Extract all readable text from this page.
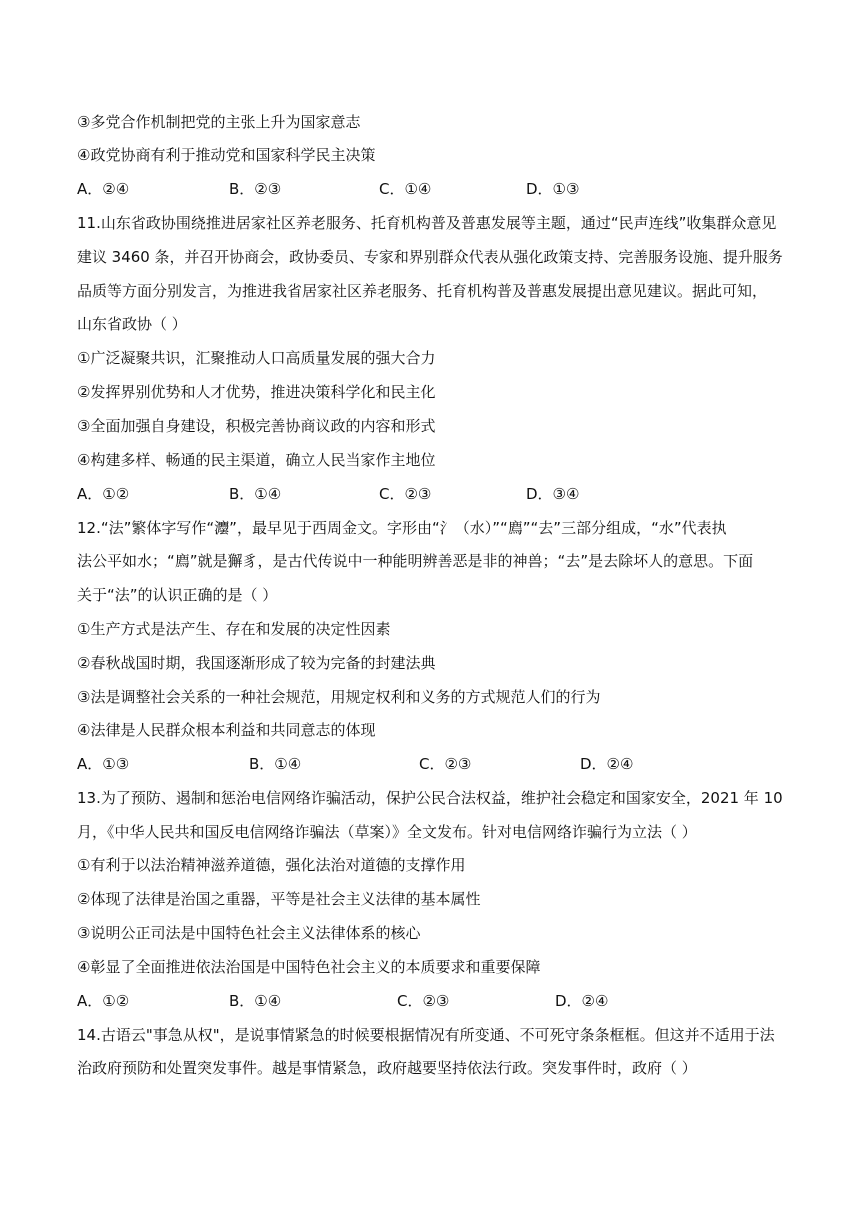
③多党合作机制把党的主张上升为国家意志
④政党协商有利于推动党和国家科学民主决策
A．②④	B．②③	C．①④	D．①③
11.山东省政协围绕推进居家社区养老服务、托育机构普及普惠发展等主题，通过“民声连线”收集群众意见
建议 3460 条，并召开协商会，政协委员、专家和界别群众代表从强化政策支持、完善服务设施、提升服务
品质等方面分别发言，为推进我省居家社区养老服务、托育机构普及普惠发展提出意见建议。据此可知，
山东省政协（ ）
①广泛凝聚共识，汇聚推动人口高质量发展的强大合力
②发挥界别优势和人才优势，推进决策科学化和民主化
③全面加强自身建设，积极完善协商议政的内容和形式
④构建多样、畅通的民主渠道，确立人民当家作主地位
A．①②	B．①④	C．②③	D．③④
12.“法”繁体字写作“灋”，最早见于西周金文。字形由“氵（水）”“廌”“去”三部分组成，“水”代表执
法公平如水；“廌”就是獬豸，是古代传说中一种能明辨善恶是非的神兽；“去”是去除坏人的意思。下面
关于“法”的认识正确的是（ ）
①生产方式是法产生、存在和发展的决定性因素
②春秋战国时期，我国逐渐形成了较为完备的封建法典
③法是调整社会关系的一种社会规范，用规定权利和义务的方式规范人们的行为
④法律是人民群众根本利益和共同意志的体现
A．①③	B．①④	C．②③	D．②④
13.为了预防、遏制和惩治电信网络诈骗活动，保护公民合法权益，维护社会稳定和国家安全，2021 年 10
月，《中华人民共和国反电信网络诈骗法（草案）》全文发布。针对电信网络诈骗行为立法（ ）
①有利于以法治精神滋养道德，强化法治对道德的支撑作用
②体现了法律是治国之重器，平等是社会主义法律的基本属性
③说明公正司法是中国特色社会主义法律体系的核心
④彰显了全面推进依法治国是中国特色社会主义的本质要求和重要保障
A．①②	B．①④	C．②③	D．②④
14.古语云"事急从权"，是说事情紧急的时候要根据情况有所变通、不可死守条条框框。但这并不适用于法
治政府预防和处置突发事件。越是事情紧急，政府越要坚持依法行政。突发事件时，政府（ ）
